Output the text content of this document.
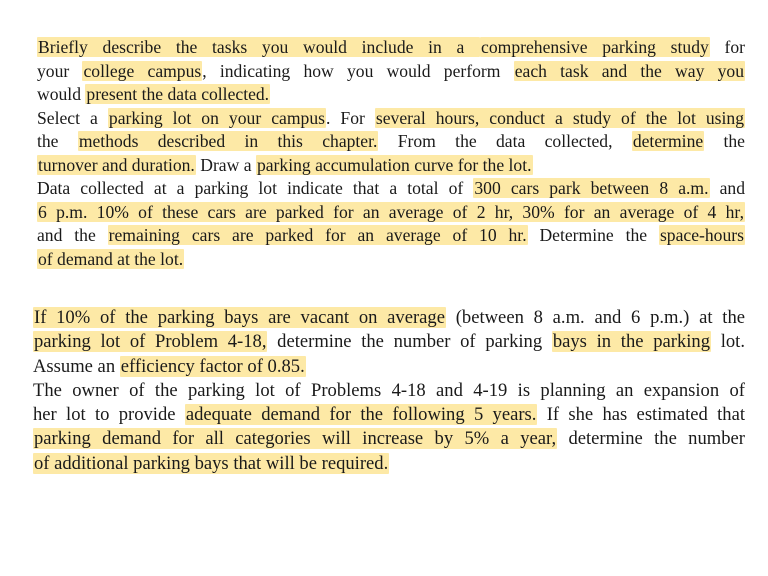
Briefly describe the tasks you would include in a comprehensive parking study for
your college campus, indicating how you would perform each task and the way you
would present the data collected.
Select a parking lot on your campus. For several hours, conduct a study of the lot using
the methods described in this chapter. From the data collected, determine the
turnover and duration. Draw a parking accumulation curve for the lot.
Data collected at a parking lot indicate that a total of 300 cars park between 8 a.m. and
6 p.m. 10% of these cars are parked for an average of 2 hr, 30% for an average of 4 hr,
and the remaining cars are parked for an average of 10 hr. Determine the space-hours
of demand at the lot.
If 10% of the parking bays are vacant on average (between 8 a.m. and 6 p.m.) at the
parking lot of Problem 4-18, determine the number of parking bays in the parking lot.
Assume an efficiency factor of 0.85.
The owner of the parking lot of Problems 4-18 and 4-19 is planning an expansion of
her lot to provide adequate demand for the following 5 years. If she has estimated that
parking demand for all categories will increase by 5% a year, determine the number
of additional parking bays that will be required.
